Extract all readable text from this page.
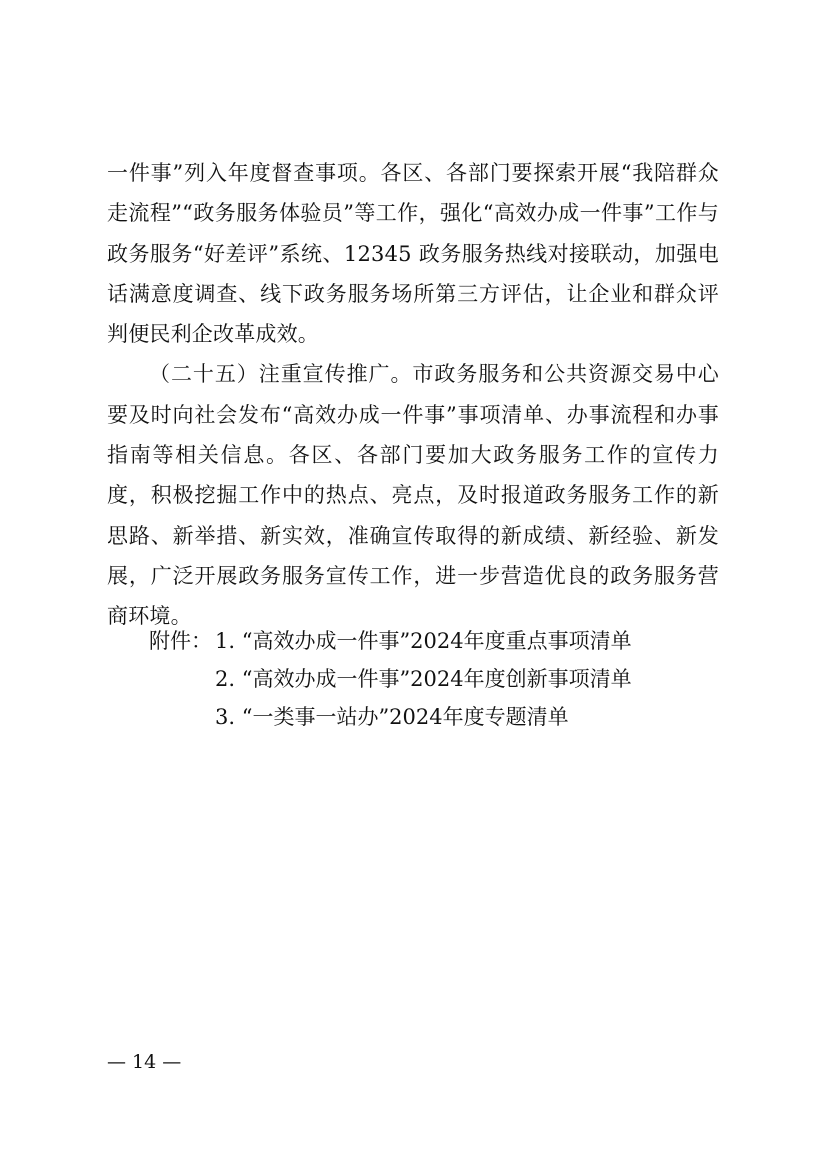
一件事”列入年度督查事项。各区、各部门要探索开展“我陪群众走流程”“政务服务体验员”等工作，强化“高效办成一件事”工作与政务服务“好差评”系统、12345 政务服务热线对接联动，加强电话满意度调查、线下政务服务场所第三方评估，让企业和群众评判便民利企改革成效。

（二十五）注重宣传推广。市政务服务和公共资源交易中心要及时向社会发布“高效办成一件事”事项清单、办事流程和办事指南等相关信息。各区、各部门要加大政务服务工作的宣传力度，积极挖掘工作中的热点、亮点，及时报道政务服务工作的新思路、新举措、新实效，准确宣传取得的新成绩、新经验、新发展，广泛开展政务服务宣传工作，进一步营造优良的政务服务营商环境。

附件： 1. “高效办成一件事”2024年度重点事项清单
2. “高效办成一件事”2024年度创新事项清单
3. “一类事一站办”2024年度专题清单
— 14 —
